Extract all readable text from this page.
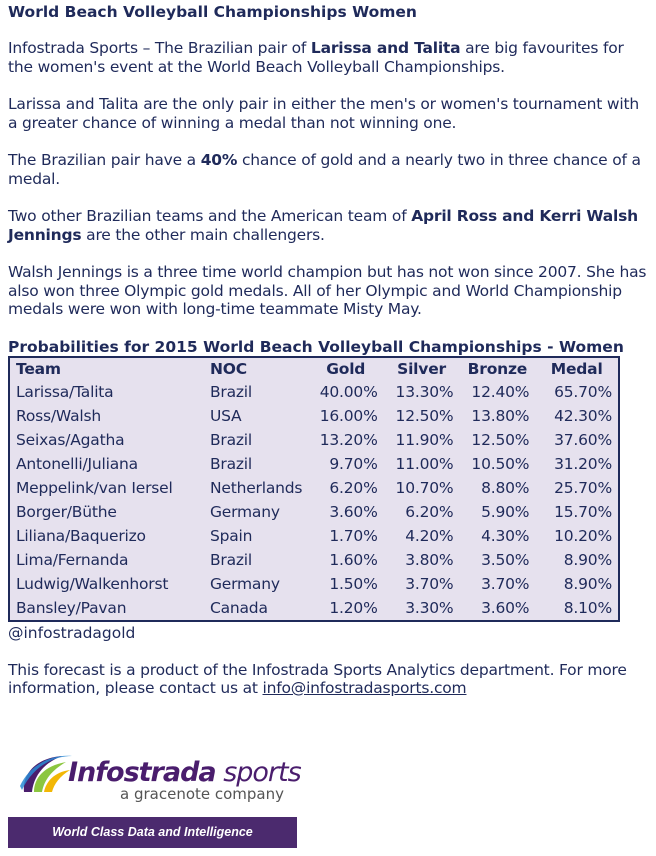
World Beach Volleyball Championships Women

Infostrada Sports – The Brazilian pair of Larissa and Talita are big favourites for the women's event at the World Beach Volleyball Championships.

Larissa and Talita are the only pair in either the men's or women's tournament with a greater chance of winning a medal than not winning one.

The Brazilian pair have a 40% chance of gold and a nearly two in three chance of a medal.

Two other Brazilian teams and the American team of April Ross and Kerri Walsh Jennings are the other main challengers.

Walsh Jennings is a three time world champion but has not won since 2007. She has also won three Olympic gold medals. All of her Olympic and World Championship medals were won with long-time teammate Misty May.

Probabilities for 2015 World Beach Volleyball Championships - Women
Team	NOC	Gold	Silver	Bronze	Medal
Larissa/Talita	Brazil	40.00%	13.30%	12.40%	65.70%
Ross/Walsh	USA	16.00%	12.50%	13.80%	42.30%
Seixas/Agatha	Brazil	13.20%	11.90%	12.50%	37.60%
Antonelli/Juliana	Brazil	9.70%	11.00%	10.50%	31.20%
Meppelink/van Iersel	Netherlands	6.20%	10.70%	8.80%	25.70%
Borger/Büthe	Germany	3.60%	6.20%	5.90%	15.70%
Liliana/Baquerizo	Spain	1.70%	4.20%	4.30%	10.20%
Lima/Fernanda	Brazil	1.60%	3.80%	3.50%	8.90%
Ludwig/Walkenhorst	Germany	1.50%	3.70%	3.70%	8.90%
Bansley/Pavan	Canada	1.20%	3.30%	3.60%	8.10%
@infostradagold

This forecast is a product of the Infostrada Sports Analytics department. For more information, please contact us at info@infostradasports.com

Infostrada sports
a gracenote company
World Class Data and Intelligence
